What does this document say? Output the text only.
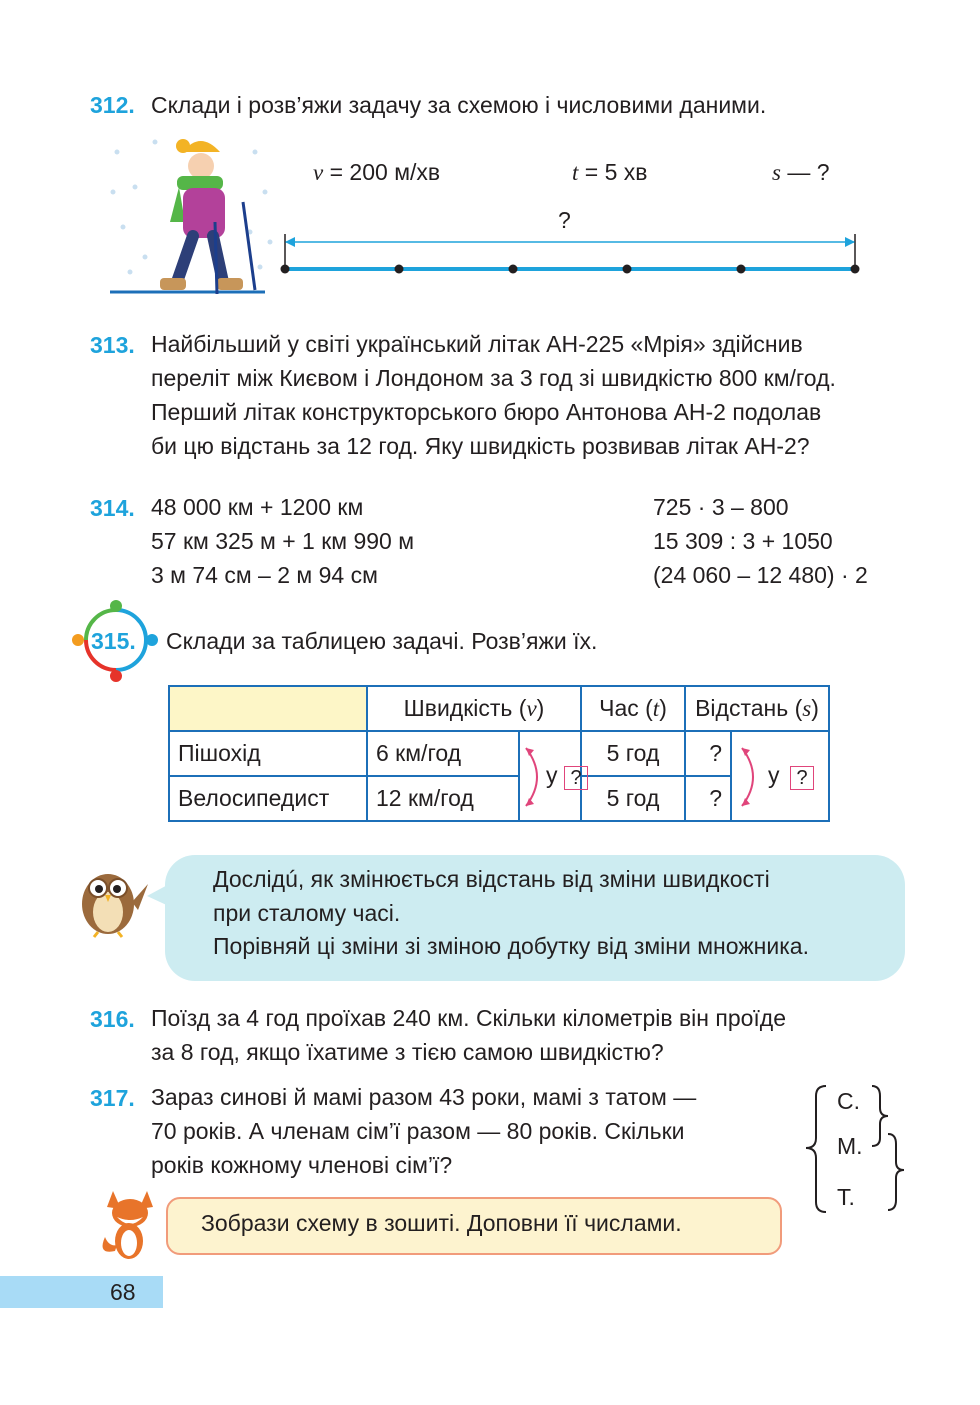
312. Склади і розв’яжи задачу за схемою і числовими даними.
v = 200 м/хв	t = 5 хв	s — ?
?
313. Найбільший у світі український літак АН-225 «Мрія» здійснив
переліт між Києвом і Лондоном за 3 год зі швидкістю 800 км/год.
Перший літак конструкторського бюро Антонова АН-2 подолав
би цю відстань за 12 год. Яку швидкість розвивав літак АН-2?
314. 48 000 км + 1200 км
57 км 325 м + 1 км 990 м
3 м 74 см – 2 м 94 см
725 · 3 – 800
15 309 : 3 + 1050
(24 060 – 12 480) · 2
315. Склади за таблицею задачі. Розв’яжи їх.
	Швидкість (v)		Час (t)	Відстань (s)	
Пішохід	6 км/год	у ?	5 год	?	у ?

Велосипедист	12 км/год		5 год	?	
Дослідú, як змінюється відстань від зміни швидкості
при сталому часі.
Порівняй ці зміни зі зміною добутку від зміни множника.
316. Поїзд за 4 год проїхав 240 км. Скільки кілометрів він проїде
за 8 год, якщо їхатиме з тією самою швидкістю?
317. Зараз синові й мамі разом 43 роки, мамі з татом —
70 років. А членам сім’ї разом — 80 років. Скільки
років кожному членові сім’ї?
С.
М.
Т.
Зобрази схему в зошиті. Доповни її числами.
68
